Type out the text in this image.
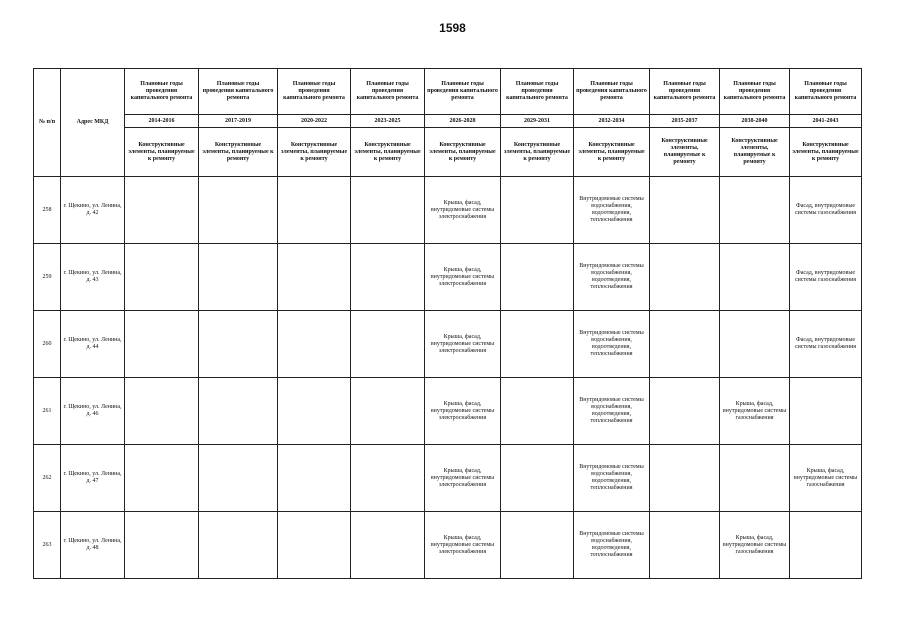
1598
№ п/п	Адрес МКД	Плановые годы проведения капитального ремонта	Плановые годы проведения капитального ремонта	Плановые годы проведения капитального ремонта	Плановые годы проведения капитального ремонта	Плановые годы проведения капитального ремонта	Плановые годы проведения капитального ремонта	Плановые годы проведения капитального ремонта	Плановые годы проведения капитального ремонта	Плановые годы проведения капитального ремонта	Плановые годы проведения капитального ремонта
		2014-2016	2017-2019	2020-2022	2023-2025	2026-2028	2029-2031	2032-2034	2035-2037	2038-2040	2041-2043
		Конструктивные элементы, планируемые к ремонту	Конструктивные элементы, планируемые к ремонту	Конструктивные элементы, планируемые к ремонту	Конструктивные элементы, планируемые к ремонту	Конструктивные элементы, планируемые к ремонту	Конструктивные элементы, планируемые к ремонту	Конструктивные элементы, планируемые к ремонту	Конструктивные элементы, планируемые к ремонту	Конструктивные элементы, планируемые к ремонту	Конструктивные элементы, планируемые к ремонту
258	г. Щекино, ул. Ленина, д. 42					Крыша, фасад, внутридомовые системы электроснабжения		Внутридомовые системы водоснабжения, водоотведения, теплоснабжения			Фасад, внутридомовые системы газоснабжения
259	г. Щекино, ул. Ленина, д. 43					Крыша, фасад, внутридомовые системы электроснабжения		Внутридомовые системы водоснабжения, водоотведения, теплоснабжения			Фасад, внутридомовые системы газоснабжения
260	г. Щекино, ул. Ленина, д. 44					Крыша, фасад, внутридомовые системы электроснабжения		Внутридомовые системы водоснабжения, водоотведения, теплоснабжения			Фасад, внутридомовые системы газоснабжения
261	г. Щекино, ул. Ленина, д. 46					Крыша, фасад, внутридомовые системы электроснабжения		Внутридомовые системы водоснабжения, водоотведения, теплоснабжения		Крыша, фасад, внутридомовые системы газоснабжения	
262	г. Щекино, ул. Ленина, д. 47					Крыша, фасад, внутридомовые системы электроснабжения		Внутридомовые системы водоснабжения, водоотведения, теплоснабжения			Крыша, фасад, внутридомовые системы газоснабжения
263	г. Щекино, ул. Ленина, д. 48					Крыша, фасад, внутридомовые системы электроснабжения		Внутридомовые системы водоснабжения, водоотведения, теплоснабжения		Крыша, фасад, внутридомовые системы газоснабжения	
